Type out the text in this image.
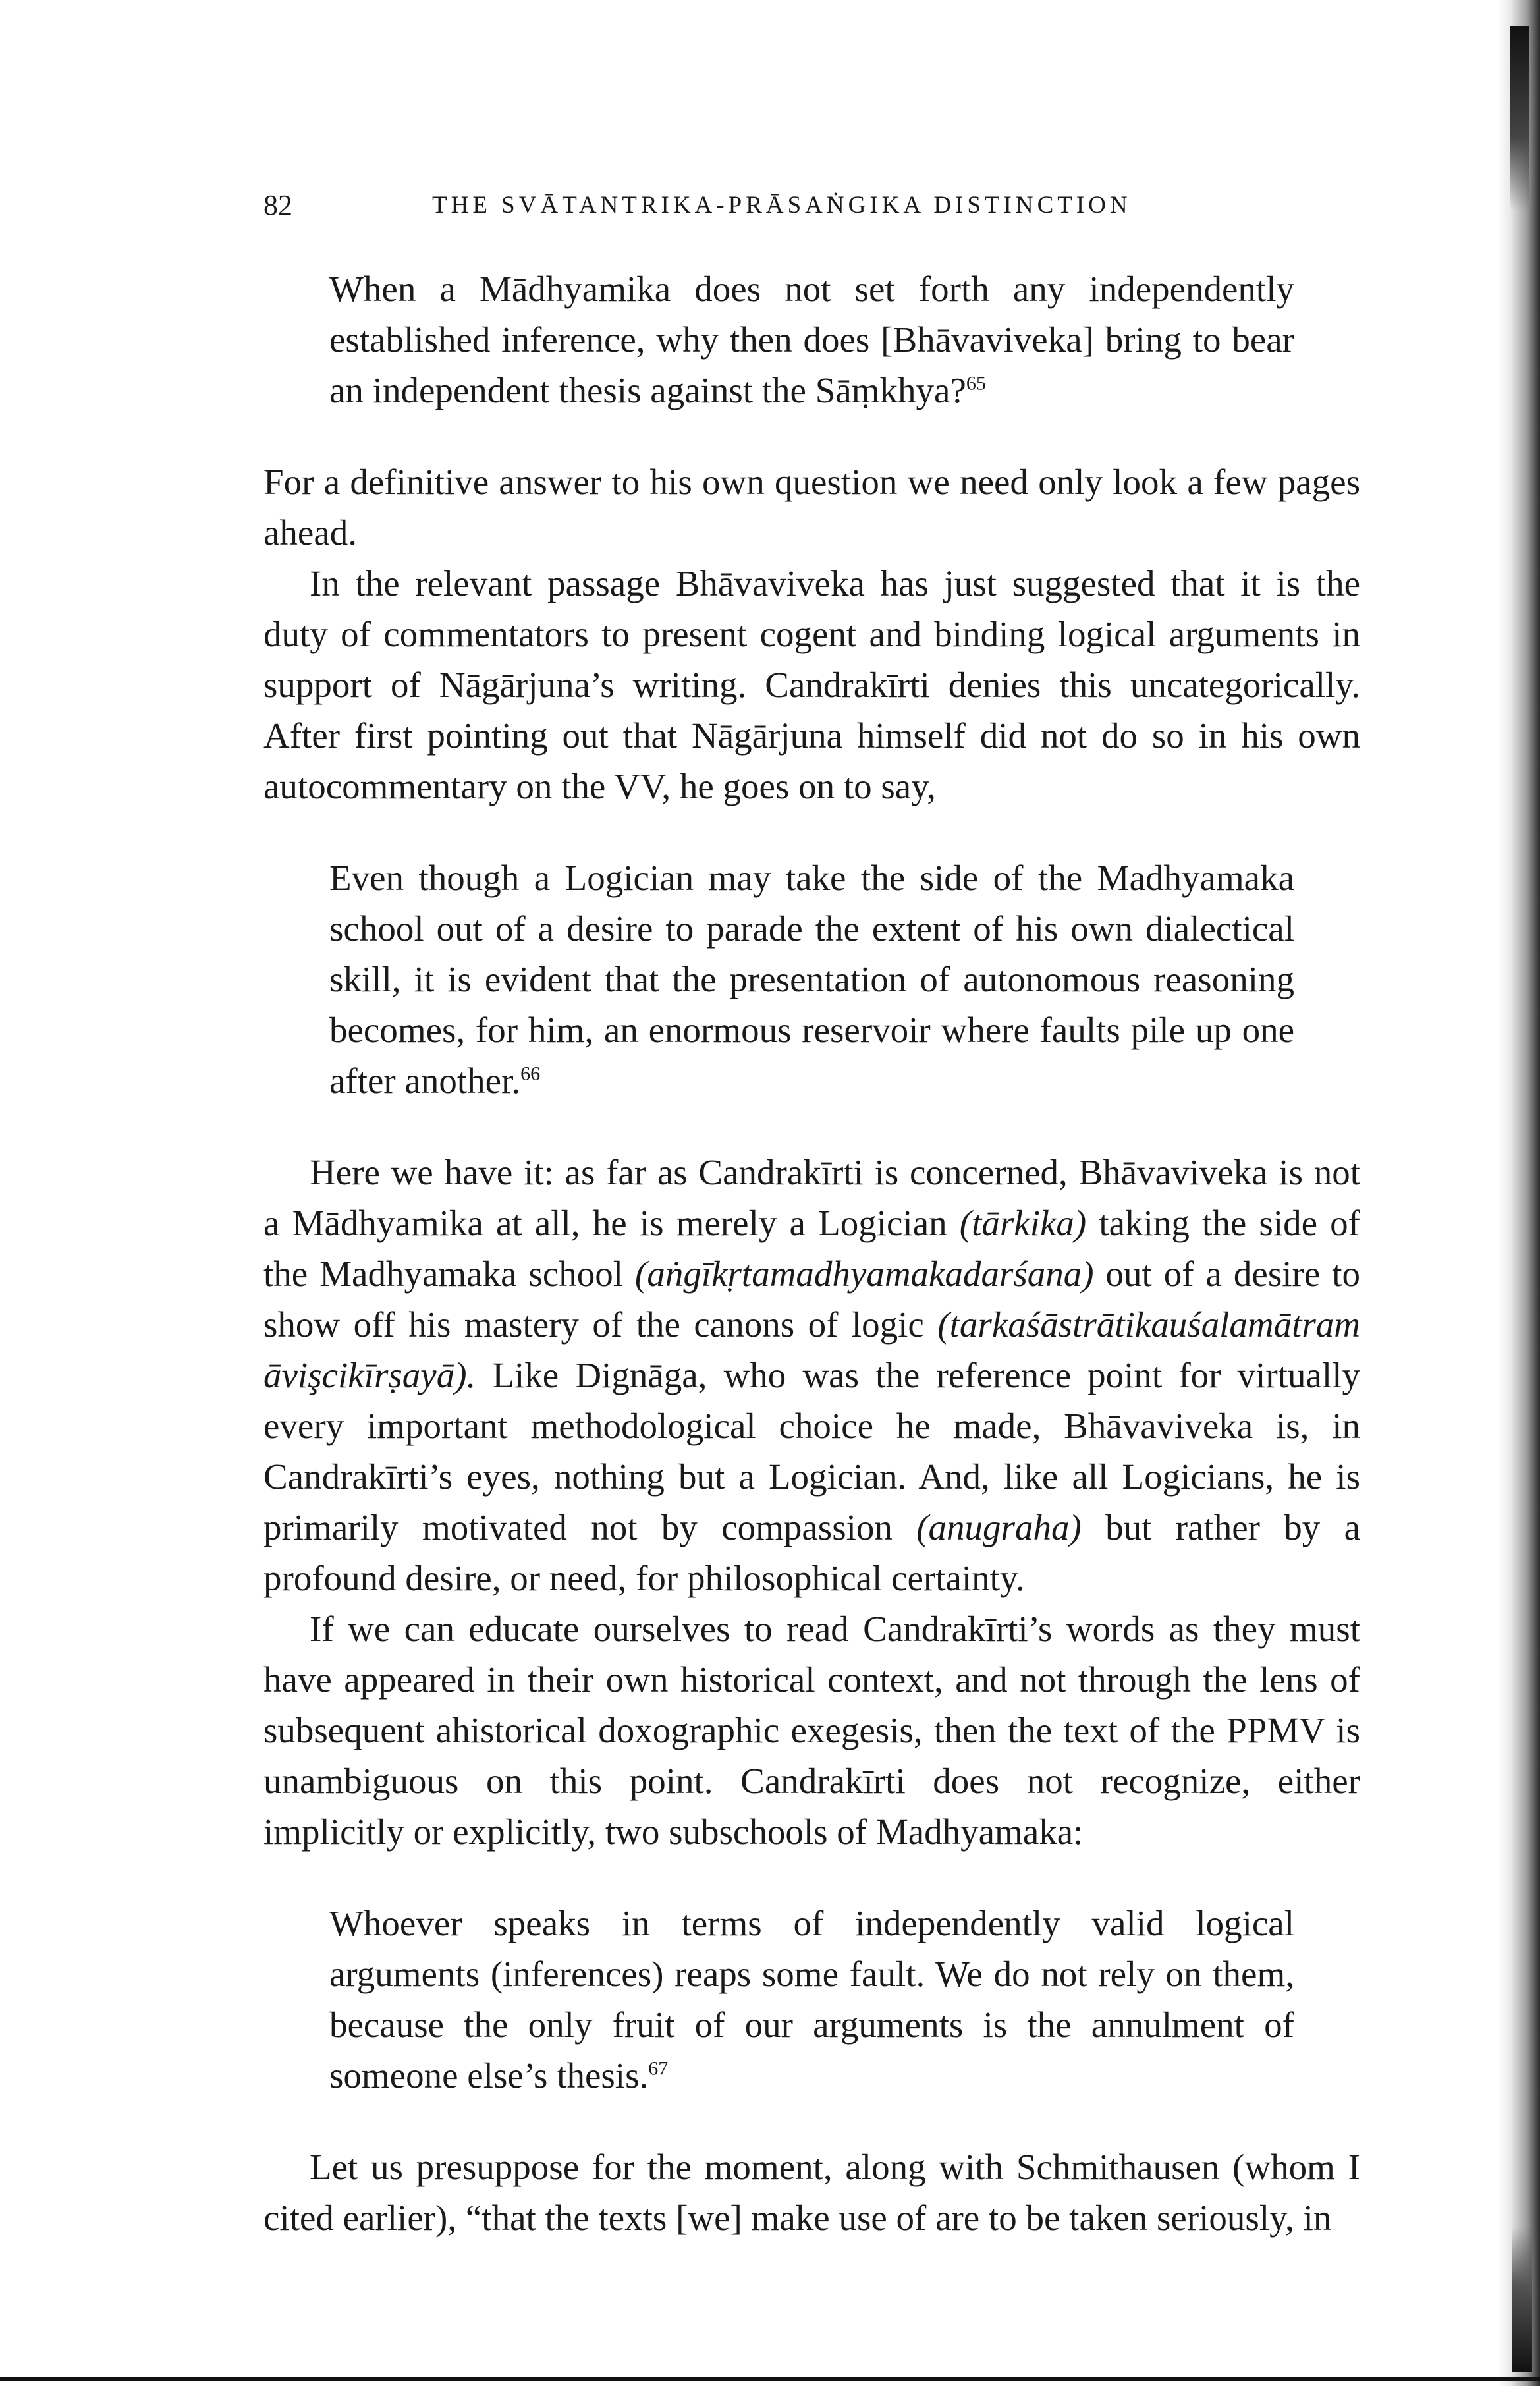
82	THE SVĀTANTRIKA-PRĀSAṄGIKA DISTINCTION

When a Mādhyamika does not set forth any independently established inference, why then does [Bhāvaviveka] bring to bear an independent thesis against the Sāṃkhya?$^{65}$

For a definitive answer to his own question we need only look a few pages ahead.

In the relevant passage Bhāvaviveka has just suggested that it is the duty of commentators to present cogent and binding logical arguments in support of Nāgārjuna’s writing. Candrakīrti denies this uncategorically. After first pointing out that Nāgārjuna himself did not do so in his own autocommentary on the VV, he goes on to say,

Even though a Logician may take the side of the Madhyamaka school out of a desire to parade the extent of his own dialectical skill, it is evident that the presentation of autonomous reasoning becomes, for him, an enormous reservoir where faults pile up one after another.$^{66}$

Here we have it: as far as Candrakīrti is concerned, Bhāvaviveka is not a Mādhyamika at all, he is merely a Logician (tārkika) taking the side of the Madhyamaka school (aṅgīkṛtamadhyamakadarśana) out of a desire to show off his mastery of the canons of logic (tarkaśāstrātikauśalamātram āvişcikīrṣayā). Like Dignāga, who was the reference point for virtually every important methodological choice he made, Bhāvaviveka is, in Candrakīrti’s eyes, nothing but a Logician. And, like all Logicians, he is primarily motivated not by compassion (anugraha) but rather by a profound desire, or need, for philosophical certainty.

If we can educate ourselves to read Candrakīrti’s words as they must have appeared in their own historical context, and not through the lens of subsequent ahistorical doxographic exegesis, then the text of the PPMV is unambiguous on this point. Candrakīrti does not recognize, either implicitly or explicitly, two subschools of Madhyamaka:

Whoever speaks in terms of independently valid logical arguments (inferences) reaps some fault. We do not rely on them, because the only fruit of our arguments is the annulment of someone else’s thesis.$^{67}$

Let us presuppose for the moment, along with Schmithausen (whom I cited earlier), “that the texts [we] make use of are to be taken seriously, in
